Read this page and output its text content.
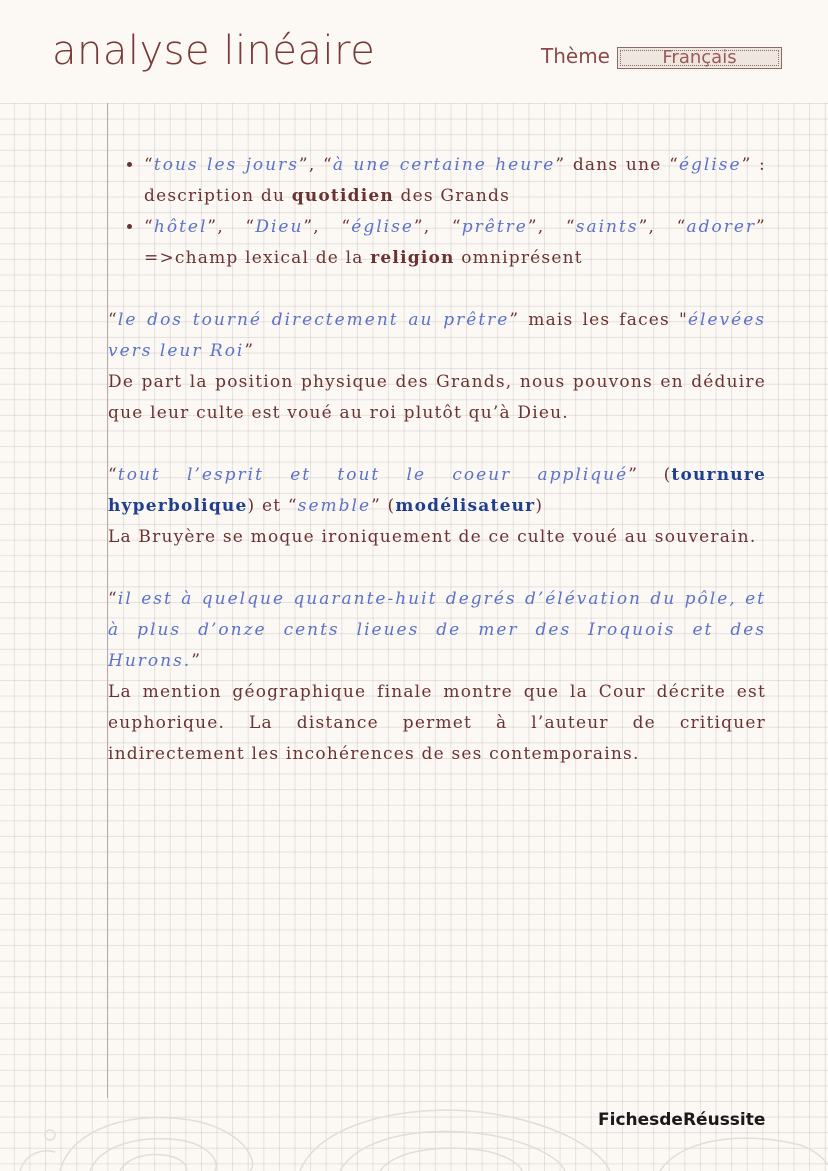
analyse linéaire	Thème	Français
• “tous les jours”, “à une certaine heure” dans une “église” : description du quotidien des Grands
• “hôtel”, “Dieu”, “église”, “prêtre”, “saints”, “adorer” =>champ lexical de la religion omniprésent

“le dos tourné directement au prêtre” mais les faces "élevées vers leur Roi”

De part la position physique des Grands, nous pouvons en déduire que leur culte est voué au roi plutôt qu’à Dieu.

“tout l’esprit et tout le coeur appliqué” (tournure hyperbolique) et “semble” (modélisateur)

La Bruyère se moque ironiquement de ce culte voué au souverain.

“il est à quelque quarante-huit degrés d’élévation du pôle, et à plus d’onze cents lieues de mer des Iroquois et des Hurons.”

La mention géographique finale montre que la Cour décrite est euphorique. La distance permet à l’auteur de critiquer indirectement les incohérences de ses contemporains.

FichesdeRéussite
